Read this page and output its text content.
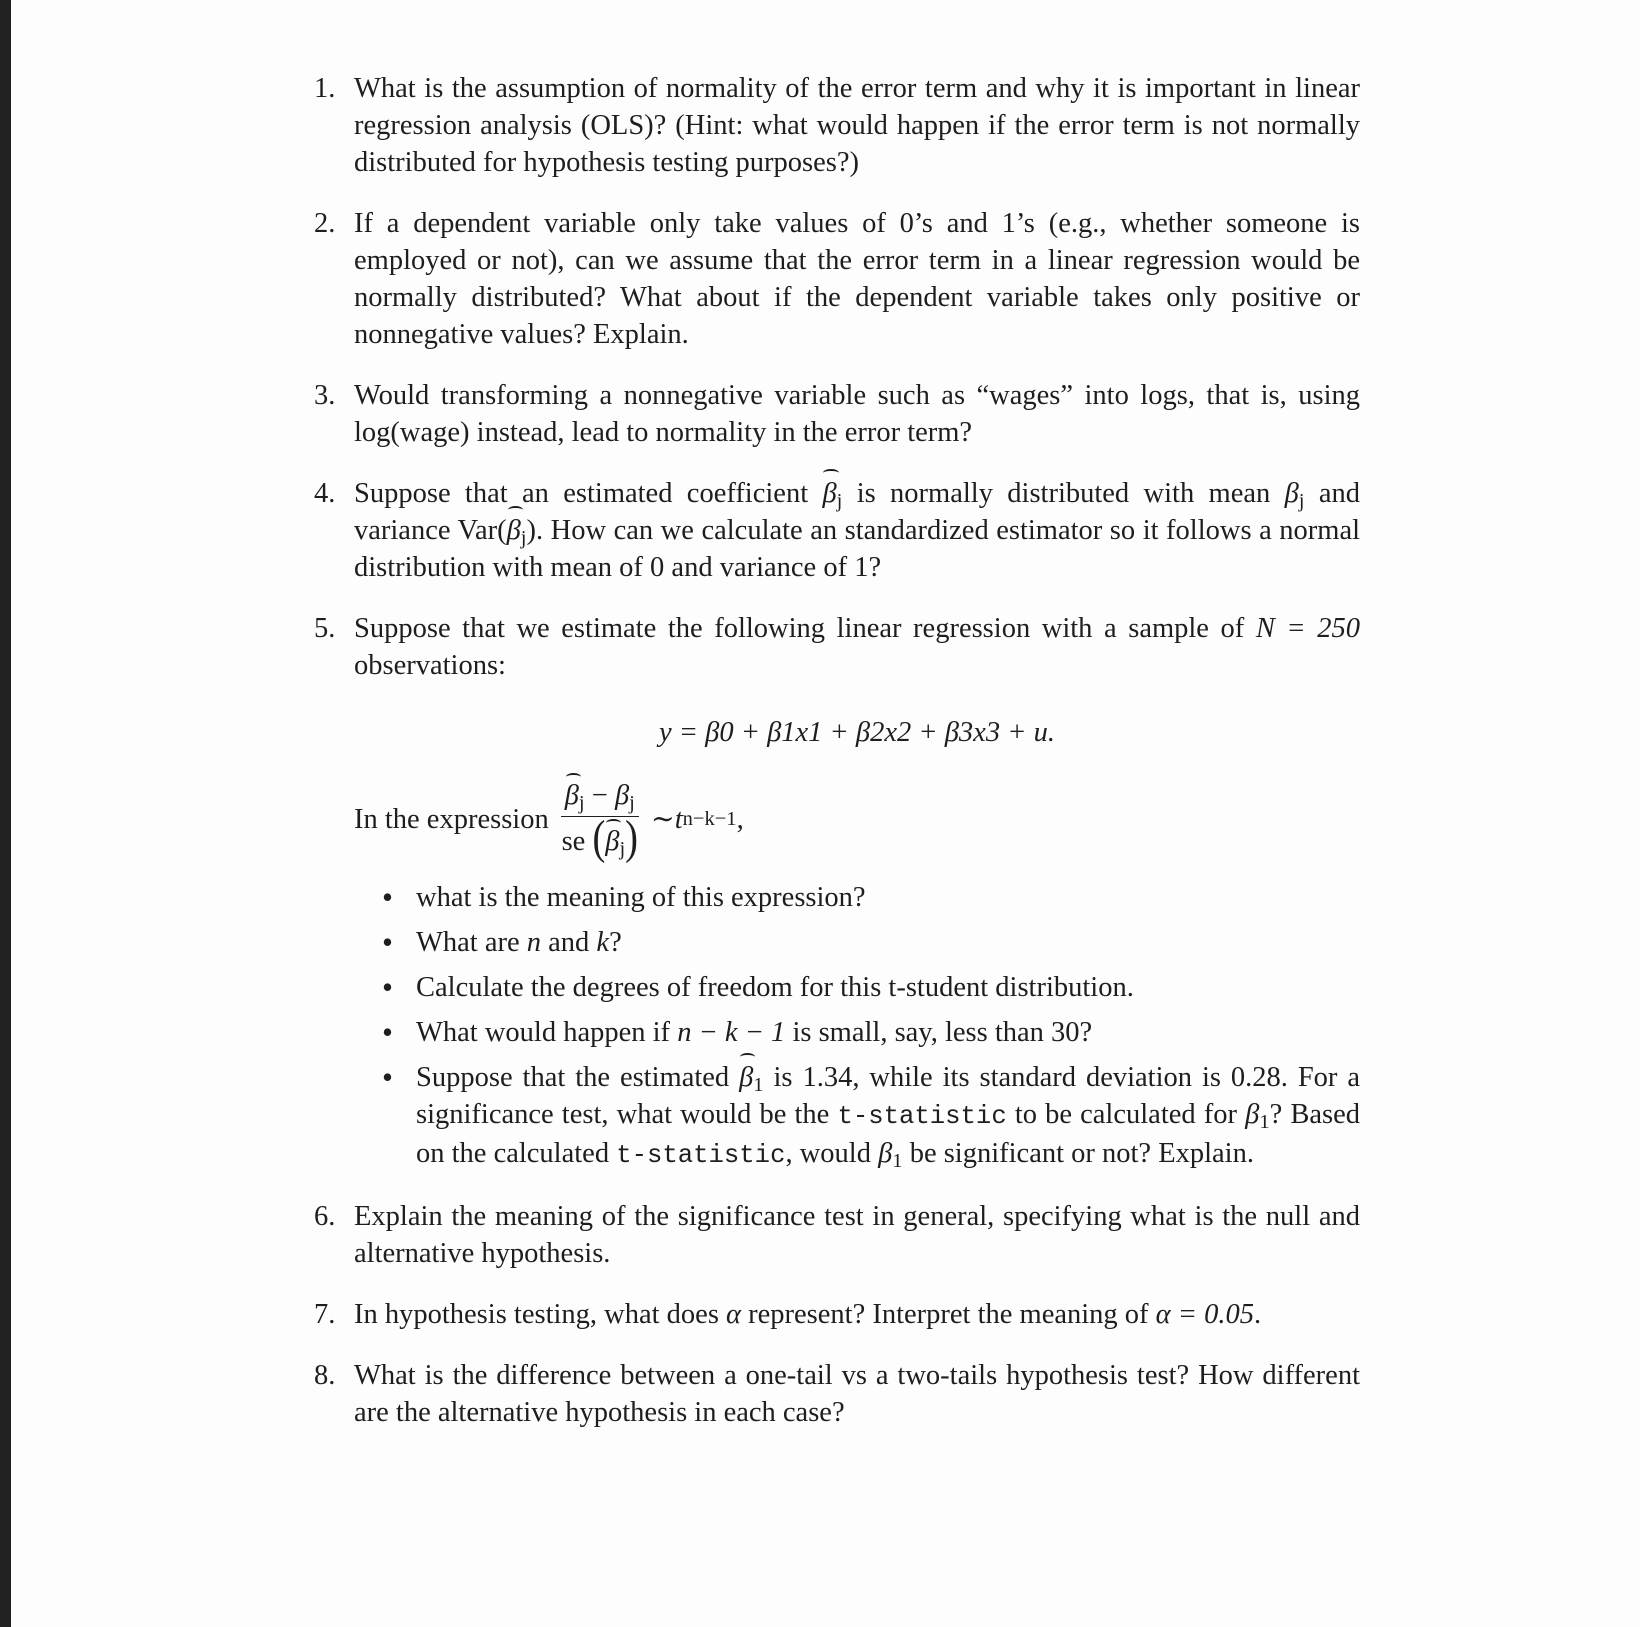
1. What is the assumption of normality of the error term and why it is important in linear regression analysis (OLS)? (Hint: what would happen if the error term is not normally distributed for hypothesis testing purposes?)
2. If a dependent variable only take values of 0’s and 1’s (e.g., whether someone is employed or not), can we assume that the error term in a linear regression would be normally distributed? What about if the dependent variable takes only positive or nonnegative values? Explain.
3. Would transforming a nonnegative variable such as “wages” into logs, that is, using log(wage) instead, lead to normality in the error term?
4. Suppose that an estimated coefficient $\beta_j$ is normally distributed with mean $\beta_j$ and variance $Var(\beta_j)$. How can we calculate an standardized estimator so it follows a normal distribution with mean of 0 and variance of 1?
5. Suppose that we estimate the following linear regression with a sample of N = 250 observations:
y = β0 + β1x1 + β2x2 + β3x3 + u.
In the expression $\frac{\beta_j - \beta_j}{se (\beta_j)}$ ∼ t n−k−1 ,
• what is the meaning of this expression?
• What are n and k?
• Calculate the degrees of freedom for this t-student distribution.
• What would happen if n − k − 1 is small, say, less than 30?
• Suppose that the estimated $\beta_1$ is 1.34, while its standard deviation is 0.28. For a significance test, what would be the t-statistic to be calculated for $\beta_1$? Based on the calculated t-statistic, would $\beta_1$ be significant or not? Explain.
6. Explain the meaning of the significance test in general, specifying what is the null and alternative hypothesis.
7. In hypothesis testing, what does α represent? Interpret the meaning of α = 0.05.
8. What is the difference between a one-tail vs a two-tails hypothesis test? How different are the alternative hypothesis in each case?
